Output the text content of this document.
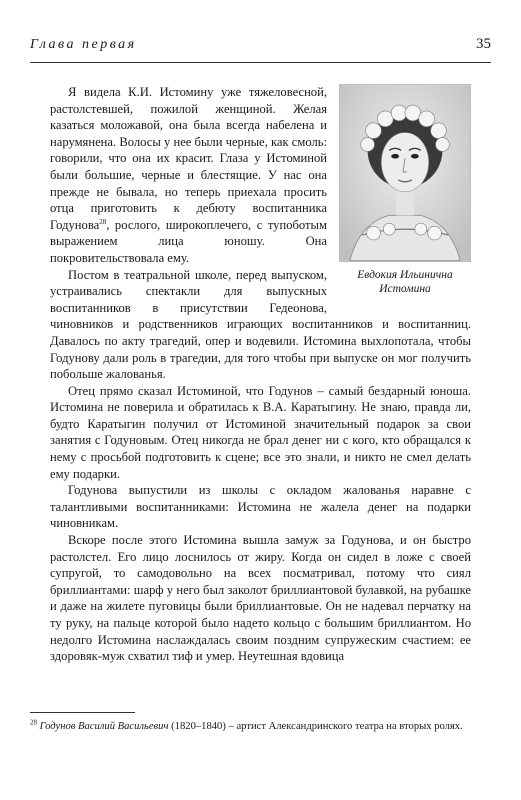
Глава первая	35
Евдокия Ильинична
Истомина

Я видела К.И. Истомину уже тяжеловесной, растолстевшей, пожилой женщиной. Желая казаться моложавой, она была всегда набелена и нарумянена. Волосы у нее были черные, как смоль: говорили, что она их красит. Глаза у Истоминой были большие, черные и блестящие. У нас она прежде не бывала, но теперь приехала просить отца приготовить к дебюту воспитанника Годунова$^{28}$, рослого, широкоплечего, с тупоботым выражением лица юношу. Она покровительствовала ему.

Постом в театральной школе, перед выпуском, устраивались спектакли для выпускных воспитанников в присутствии Гедеонова, чиновников и родственников играющих воспитанников и воспитанниц. Давалось по акту трагедий, опер и водевили. Истомина выхлопотала, чтобы Годунову дали роль в трагедии, для того чтобы при выпуске он мог получить побольше жалованья.

Отец прямо сказал Истоминой, что Годунов – самый бездарный юноша. Истомина не поверила и обратилась к В.А. Каратыгину. Не знаю, правда ли, будто Каратыгин получил от Истоминой значительный подарок за свои занятия с Годуновым. Отец никогда не брал денег ни с кого, кто обращался к нему с просьбой подготовить к сцене; все это знали, и никто не смел делать ему подарки.

Годунова выпустили из школы с окладом жалованья наравне с талантливыми воспитанниками: Истомина не жалела денег на подарки чиновникам.

Вскоре после этого Истомина вышла замуж за Годунова, и он быстро растолстел. Его лицо лоснилось от жиру. Когда он сидел в ложе с своей супругой, то самодовольно на всех посматривал, потому что сиял бриллиантами: шарф у него был заколот бриллиантовой булавкой, на рубашке и даже на жилете пуговицы были бриллиантовые. Он не надевал перчатку на ту руку, на пальце которой было надето кольцо с большим бриллиантом. Но недолго Истомина наслаждалась своим поздним супружеским счастием: ее здоровяк-муж схватил тиф и умер. Неутешная вдовица

$^{28}$ Годунов Василий Васильевич (1820–1840) – артист Александринского театра на вторых ролях.
